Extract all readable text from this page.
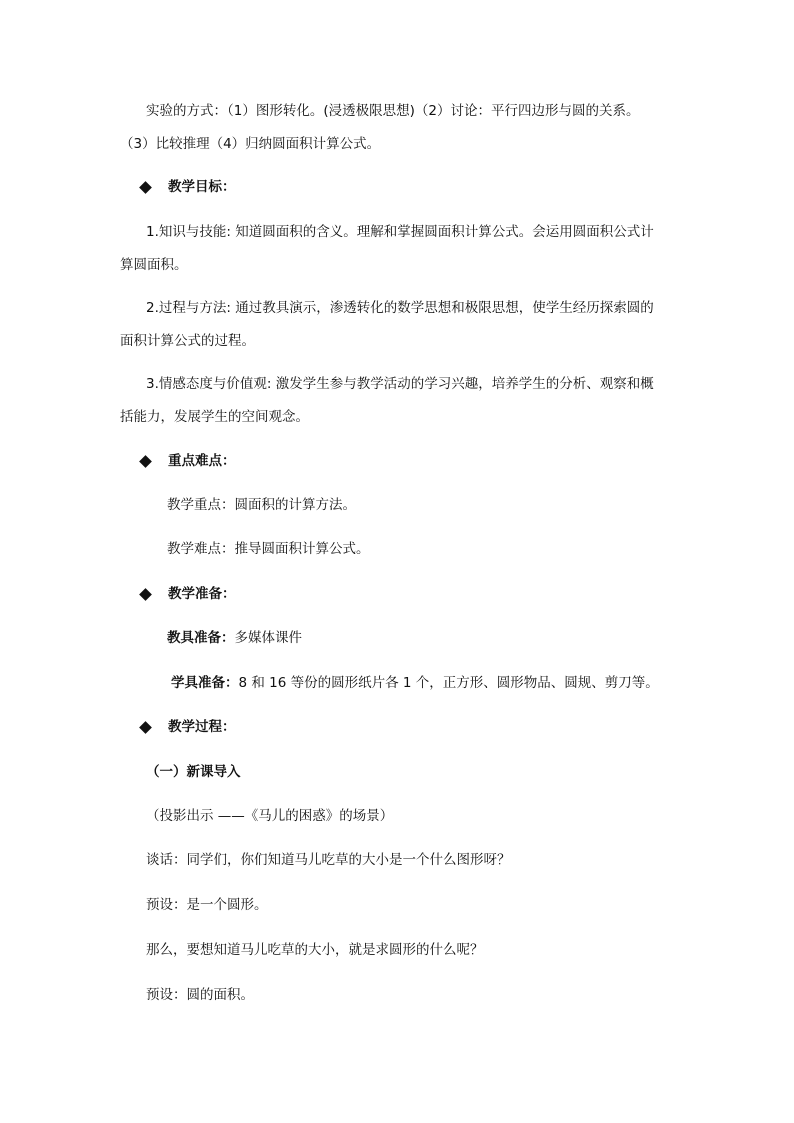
实验的方式：（1）图形转化。(浸透极限思想)（2）讨论：平行四边形与圆的关系。
（3）比较推理（4）归纳圆面积计算公式。
教学目标：
1.知识与技能: 知道圆面积的含义。理解和掌握圆面积计算公式。会运用圆面积公式计
算圆面积。
2.过程与方法: 通过教具演示，渗透转化的数学思想和极限思想，使学生经历探索圆的
面积计算公式的过程。
3.情感态度与价值观: 激发学生参与教学活动的学习兴趣，培养学生的分析、观察和概
括能力，发展学生的空间观念。
重点难点：
教学重点：圆面积的计算方法。
教学难点：推导圆面积计算公式。
教学准备：
教具准备：多媒体课件
学具准备：8 和 16 等份的圆形纸片各 1 个，正方形、圆形物品、圆规、剪刀等。
教学过程：
（一）新课导入
（投影出示 ——《马儿的困惑》的场景）
谈话：同学们，你们知道马儿吃草的大小是一个什么图形呀？
预设：是一个圆形。
那么，要想知道马儿吃草的大小，就是求圆形的什么呢？
预设：圆的面积。
